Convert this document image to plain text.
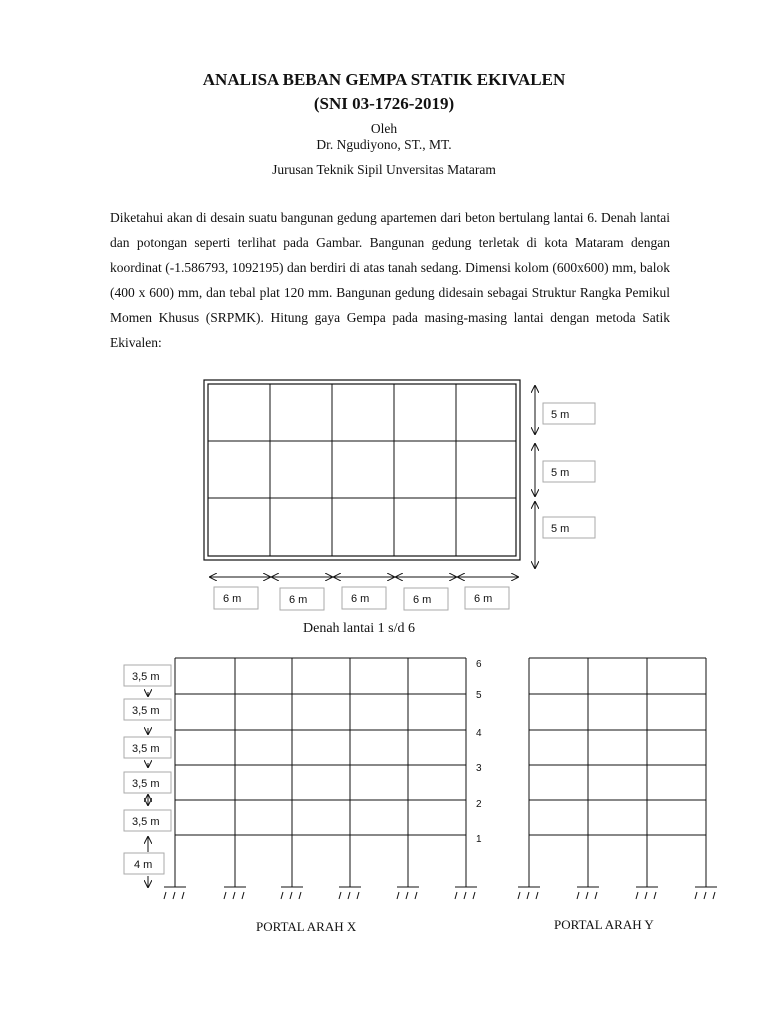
ANALISA BEBAN GEMPA STATIK EKIVALEN
(SNI 03-1726-2019)
Oleh
Dr. Ngudiyono, ST., MT.
Jurusan Teknik Sipil Unversitas Mataram

Diketahui akan di desain suatu bangunan gedung apartemen dari beton bertulang lantai 6. Denah lantai dan potongan seperti terlihat pada Gambar. Bangunan gedung terletak di kota Mataram dengan koordinat (-1.586793, 1092195) dan berdiri di atas tanah sedang. Dimensi kolom (600x600) mm, balok (400 x 600) mm, dan tebal plat 120 mm. Bangunan gedung didesain sebagai Struktur Rangka Pemikul Momen Khusus (SRPMK). Hitung gaya Gempa pada masing-masing lantai dengan metoda Satik Ekivalen:

5 m
5 m
5 m
6 m	6 m	6 m	6 m	6 m
3,5 m
3,5 m
3,5 m
3,5 m
3,5 m
4 m
6
5
4
3
2
1
Denah lantai 1 s/d 6
PORTAL ARAH X	PORTAL ARAH Y
